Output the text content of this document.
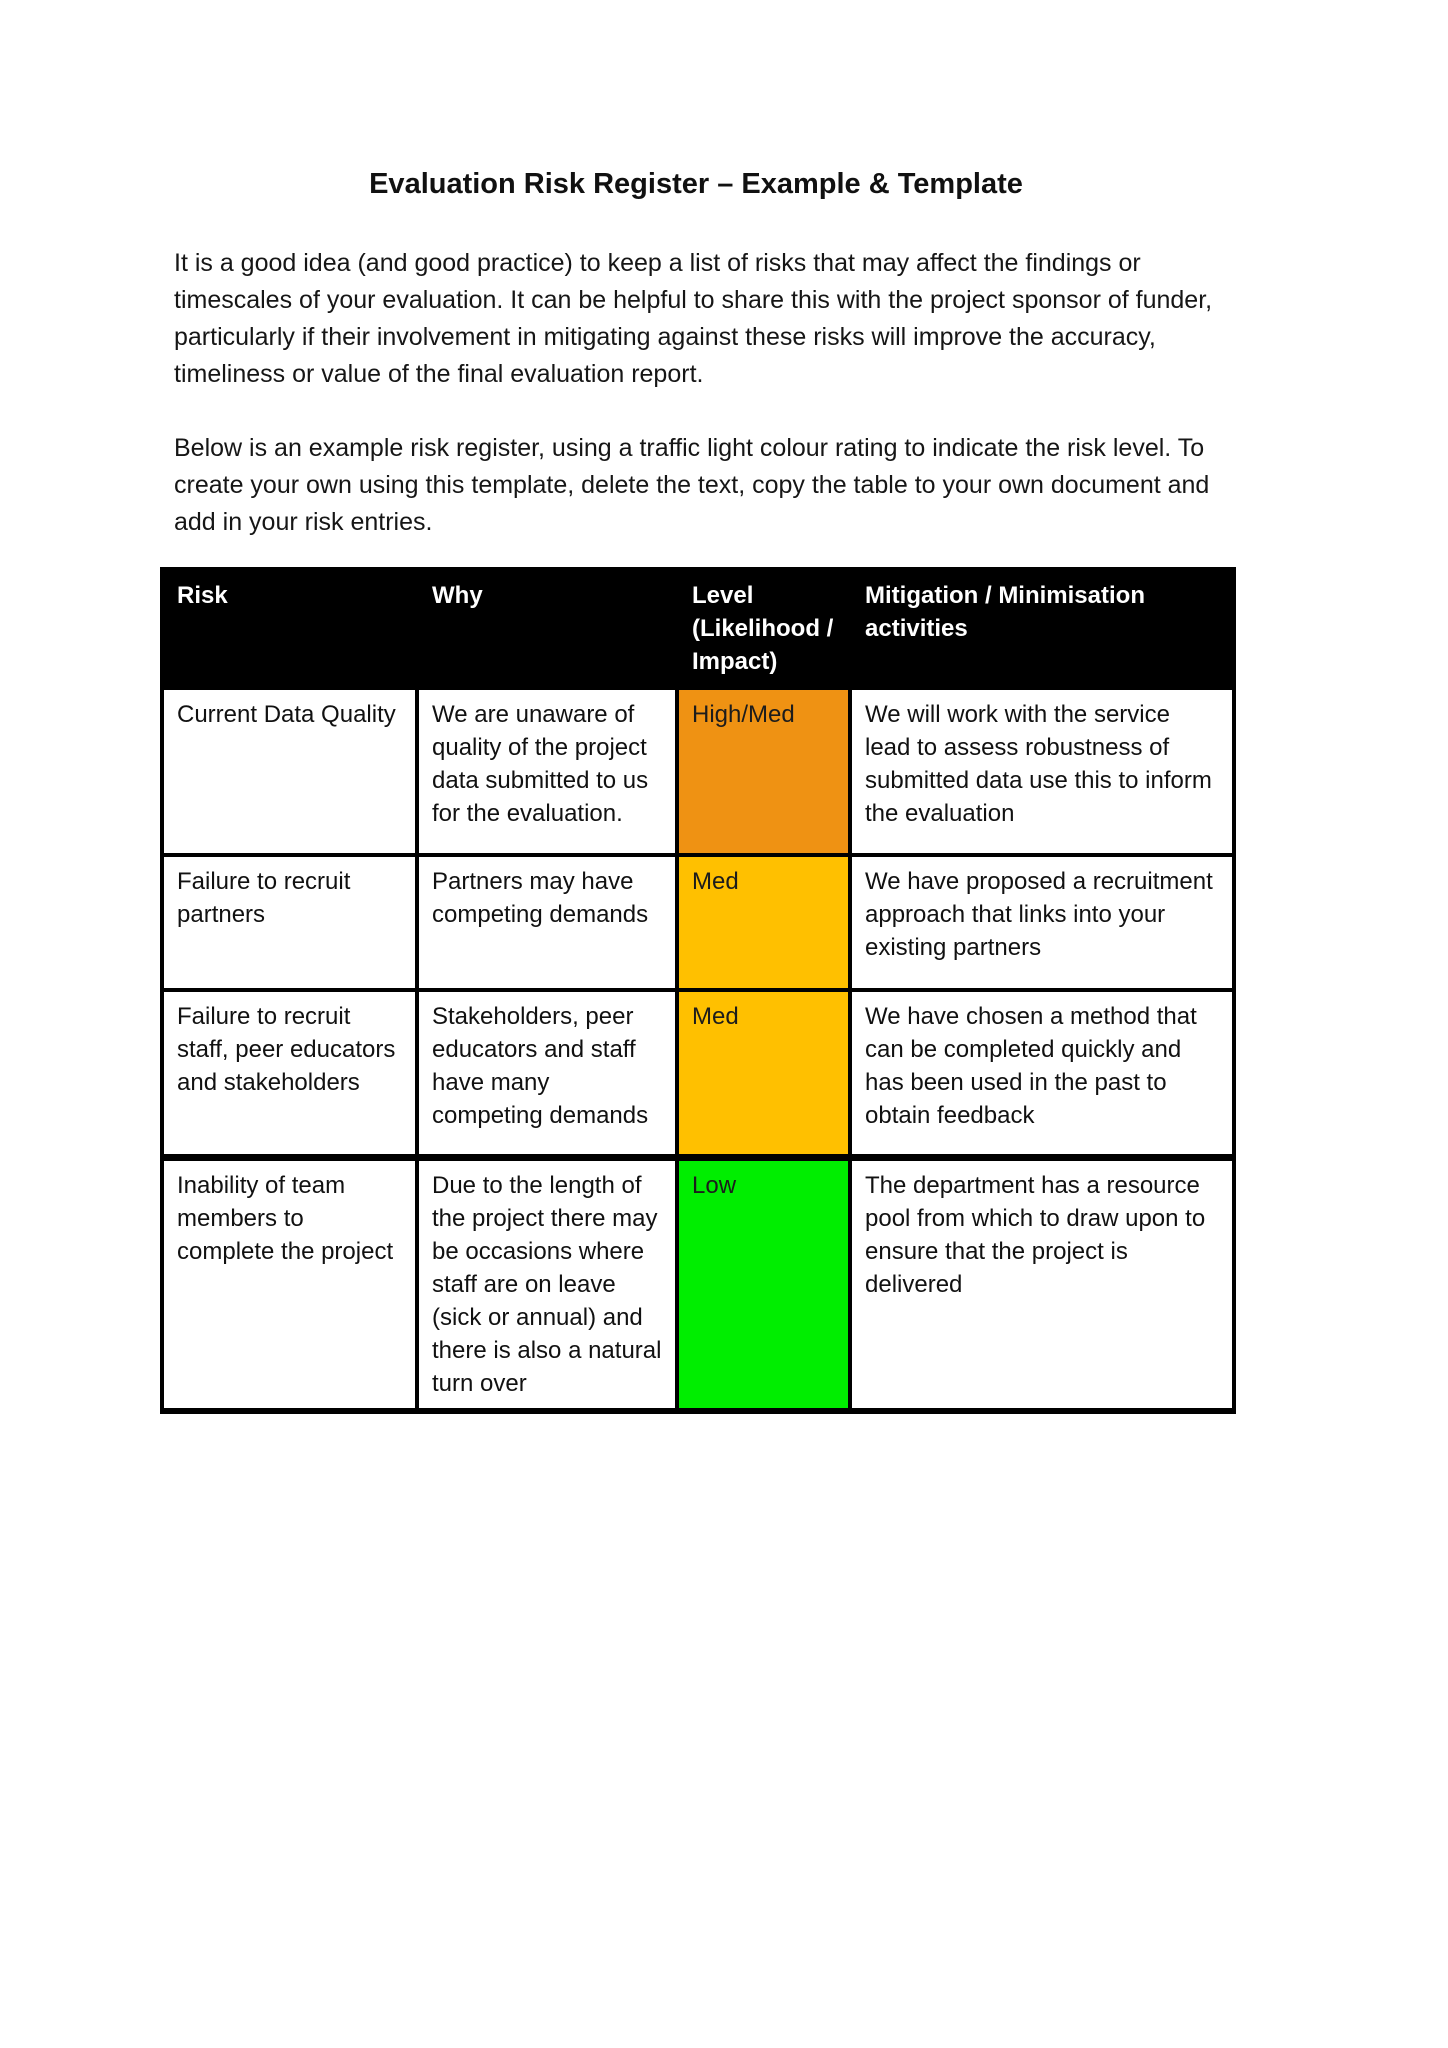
Evaluation Risk Register – Example & Template

It is a good idea (and good practice) to keep a list of risks that may affect the findings or timescales of your evaluation. It can be helpful to share this with the project sponsor of funder, particularly if their involvement in mitigating against these risks will improve the accuracy, timeliness or value of the final evaluation report.

Below is an example risk register, using a traffic light colour rating to indicate the risk level. To create your own using this template, delete the text, copy the table to your own document and add in your risk entries.

Risk	Why	Level (Likelihood / Impact)	Mitigation / Minimisation activities
Current Data Quality	We are unaware of quality of the project data submitted to us for the evaluation.	High/Med	We will work with the service lead to assess robustness of submitted data use this to inform the evaluation
Failure to recruit partners	Partners may have competing demands	Med	We have proposed a recruitment approach that links into your existing partners
Failure to recruit staff, peer educators and stakeholders	Stakeholders, peer educators and staff have many competing demands	Med	We have chosen a method that can be completed quickly and has been used in the past to obtain feedback
Inability of team members to complete the project	Due to the length of the project there may be occasions where staff are on leave (sick or annual) and there is also a natural turn over	Low	The department has a resource pool from which to draw upon to ensure that the project is delivered
